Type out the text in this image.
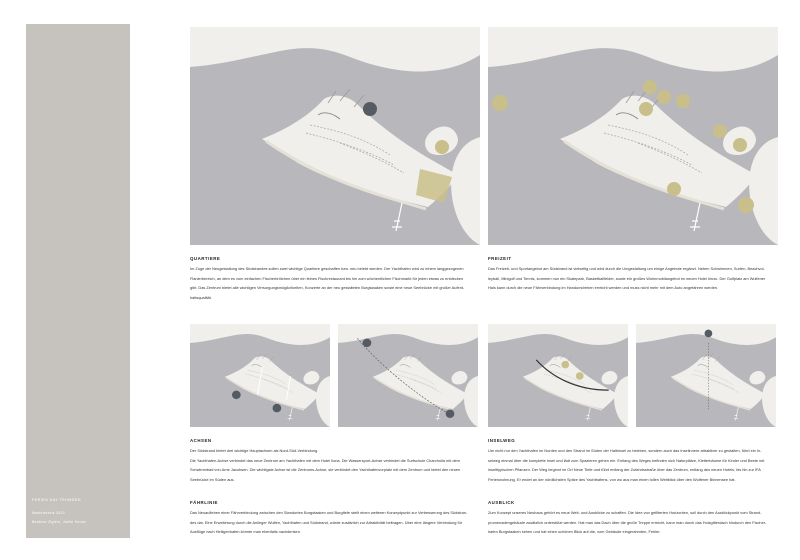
FERIEN DAY TEHMDEN
Masterthesis 2013
Beatrice Ziglers, Joelle Heuse
QUARTIERE
Im Zuge der Neugestaltung des Südstrandes sollen zwei wichtige Quartiere geschaffen bzw. neu belebt werden. Der Yachthafen wird zu einem langgezogenen
Flanierbereich, an dem es vom einfachen Fischerbrötchen über ein feines Fischrestaurant bis hin zum wöchentlichen Fischmarkt für jeden etwas zu entdecken
gibt. Das Zentrum bietet alle wichtigen Versorgungsmöglichkeiten, Konzerte an der neu gestalteten Burgstaaken sowie eine neue Seebrücke mit großer Aufent-
haltsqualität.
FREIZEIT
Das Freizeit- und Sportangebot am Südstrand ist vielseitig und wird durch die Umgestaltung um einige Angebote ergänzt. Neben Schwimmen, Surfen, Beachvol-
leyball, Minigolf und Tennis, kommen nun ein Skatepark, Basketballfelder, sowie ein großes Wohnmobilangebot im neuen Hotel hinzu. Der Golfplatz am Wulfener
Hals kann durch die neue Fährverbindung im Handumdrehen erreicht werden und muss nicht mehr mit dem Auto angefahren werden.
ACHSEN
Der Südstrand bietet drei wichtige Hauptachsen als Nord-Süd-Verbindung.
Die Yachthafen-Achse verbindet das neue Zentrum am Yachthafen mit dem Hotel Ilona. Die Wassersport-Achse verbindet die Surfschule Charchulla mit dem
Schwimmbad von Arne Jacobsen. Die wichtigste Achse ist die Zentrums-Achse, sie verbindet den Yachthafenvorplatz mit dem Zentrum und bietet den neuen
Seebrücke im Süden aus.
FÄHRLINIE
Das Neuaufleben einer Fährverbindung zwischen den Standorten Burgstaaken und Burgtiefe stellt einen weiteren Konzeptpunkt zur Verbesserung des Südstran-
des dar. Eine Erweiterung durch die Anlieger Wulfen, Yachthafen und Südstrand, würde zusätzlich zur Attraktivität beitragen. Über eine längere Verbindung für
Ausflüge nach Heiligenhafen könnte man ebenfalls nachdenken.
INSELWEG
Um nicht nur den Yachthafen im Norden und den Strand im Süden der Halbinsel zu beleben, sondern auch das Inselinnere attraktiver zu gestalten, führt ein In-
selweg einmal über die komplette Insel und lädt zum Spazieren gehen ein. Entlang des Weges befinden sich Naturplätze, Kletterbäume für Kinder und Beete mit
inselttypischen Pflanzen. Der Weg beginnt im Ort Neue Tiefe und führt entlang der Zufahrtsstraße über das Zentrum, entlang des neuen Hotels, bis hin zur IFA
Ferienwohnung. Er endet an der nördlichsten Spitze des Yachthafens, von wo aus man einen tollen Weitblick über den Wulfener Binnensee hat.
AUSBLICK
Zum Konzept unseres Neubaus gehört es neue Weit- und Ausblicke zu schaffen. Die Idee von gefilterten Horizonten, soll durch den Ausblickpunkt vom Strand-
promenadengebäude zusätzlich unterstützt werden. Hat man das Dach über die große Treppe erreicht, kann man durch das Holzgitterdach hindurch den Fischer-
hafen Burgstaaken sehen und hat einen schönen Blick auf die, vom Gebäude eingerahmten, Fehler.
